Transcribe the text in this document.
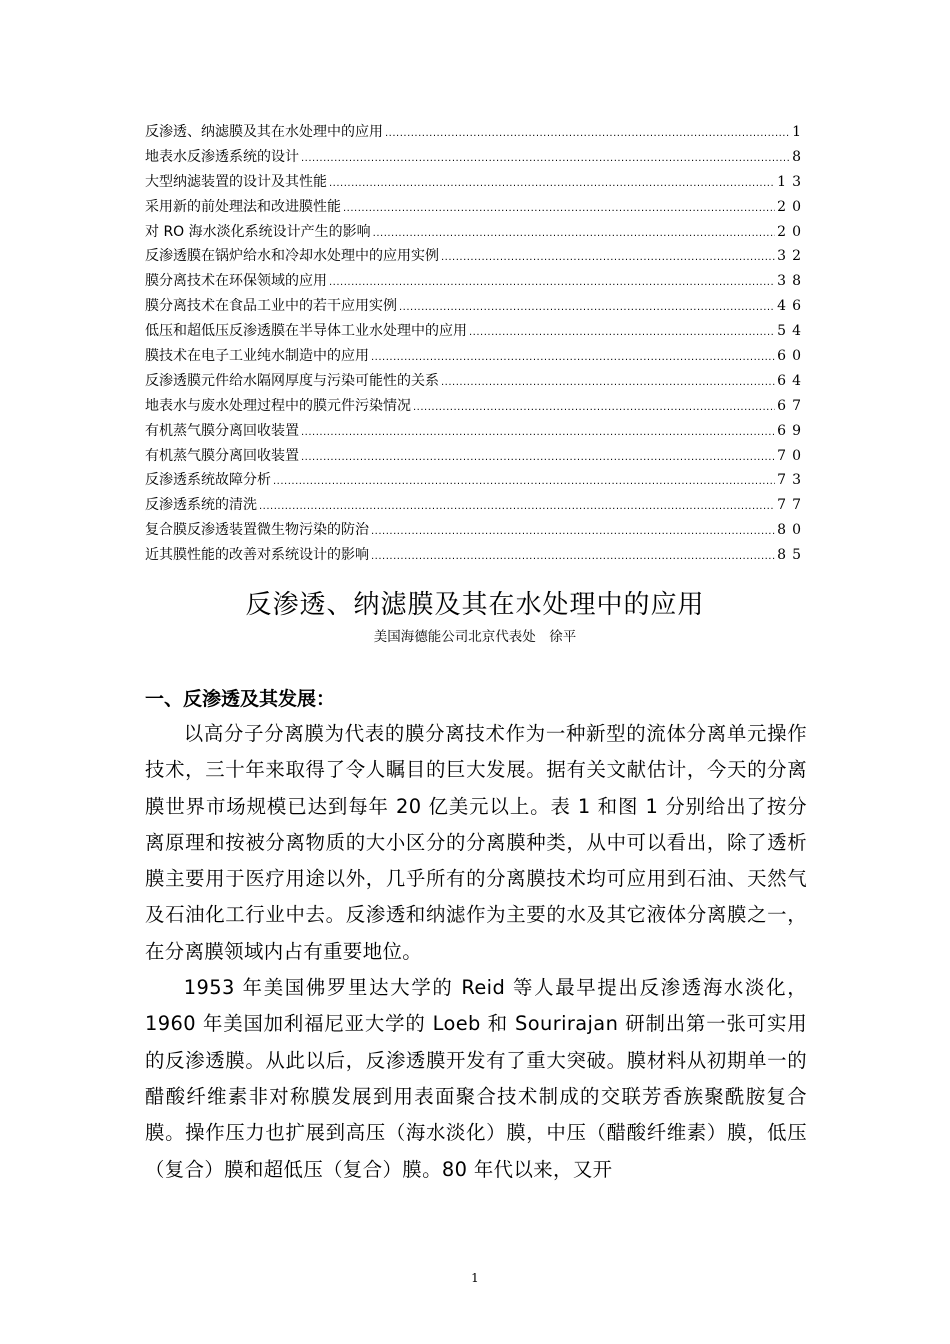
反渗透、纳滤膜及其在水处理中的应用 .....	1
地表水反渗透系统的设计 .....	8
大型纳滤装置的设计及其性能 .....	13
采用新的前处理法和改进膜性能 .....	20
对 RO 海水淡化系统设计产生的影响 .....	20
反渗透膜在锅炉给水和冷却水处理中的应用实例 .....	32
膜分离技术在环保领域的应用 .....	38
膜分离技术在食品工业中的若干应用实例 .....	46
低压和超低压反渗透膜在半导体工业水处理中的应用 .....	54
膜技术在电子工业纯水制造中的应用 .....	60
反渗透膜元件给水隔网厚度与污染可能性的关系 .....	64
地表水与废水处理过程中的膜元件污染情况 .....	67
有机蒸气膜分离回收装置 .....	69
有机蒸气膜分离回收装置 .....	70
反渗透系统故障分析 .....	73
反渗透系统的清洗 .....	77
复合膜反渗透装置微生物污染的防治 .....	80
近其膜性能的改善对系统设计的影响 .....	85
反渗透、纳滤膜及其在水处理中的应用
美国海德能公司北京代表处　徐平
一、反渗透及其发展：

以高分子分离膜为代表的膜分离技术作为一种新型的流体分离单元操作技术，三十年来取得了令人瞩目的巨大发展。据有关文献估计，今天的分离膜世界市场规模已达到每年 20 亿美元以上。表 1 和图 1 分别给出了按分离原理和按被分离物质的大小区分的分离膜种类，从中可以看出，除了透析膜主要用于医疗用途以外，几乎所有的分离膜技术均可应用到石油、天然气及石油化工行业中去。反渗透和纳滤作为主要的水及其它液体分离膜之一，在分离膜领域内占有重要地位。

1953 年美国佛罗里达大学的 Reid 等人最早提出反渗透海水淡化，1960 年美国加利福尼亚大学的 Loeb 和 Sourirajan 研制出第一张可实用的反渗透膜。从此以后，反渗透膜开发有了重大突破。膜材料从初期单一的醋酸纤维素非对称膜发展到用表面聚合技术制成的交联芳香族聚酰胺复合膜。操作压力也扩展到高压（海水淡化）膜，中压（醋酸纤维素）膜，低压（复合）膜和超低压（复合）膜。80 年代以来，又开

1
